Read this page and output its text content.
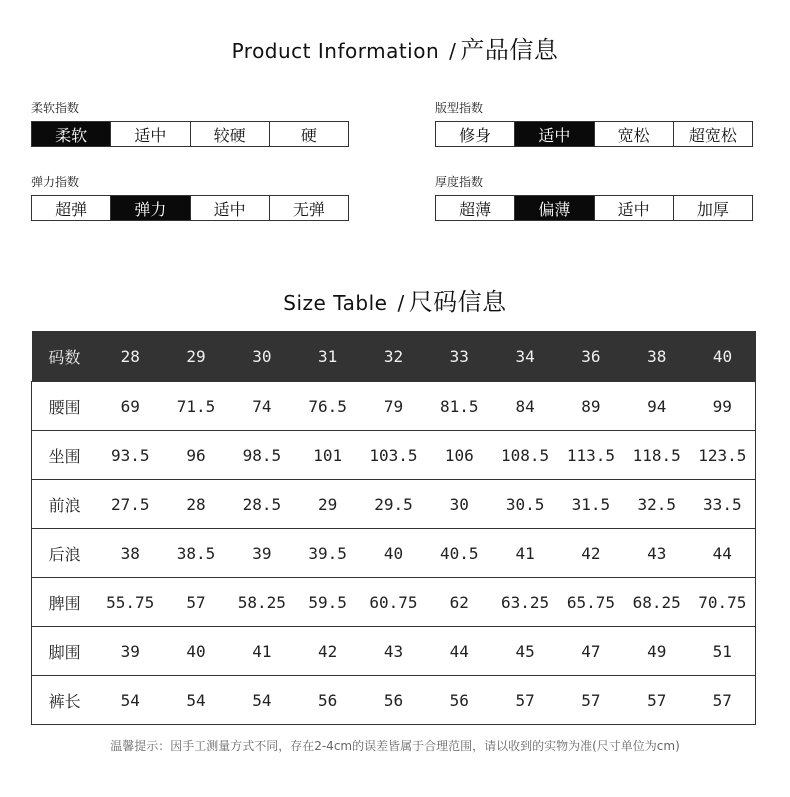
Product Information / 产品信息
柔软指数
柔软	适中	较硬	硬
版型指数
修身	适中	宽松	超宽松
弹力指数
超弹	弹力	适中	无弹
厚度指数
超薄	偏薄	适中	加厚
Size Table / 尺码信息
码数	28	29	30	31	32	33	34	36	38	40
腰围	69	71.5	74	76.5	79	81.5	84	89	94	99
坐围	93.5	96	98.5	101	103.5	106	108.5	113.5	118.5	123.5
前浪	27.5	28	28.5	29	29.5	30	30.5	31.5	32.5	33.5
后浪	38	38.5	39	39.5	40	40.5	41	42	43	44
脾围	55.75	57	58.25	59.5	60.75	62	63.25	65.75	68.25	70.75
脚围	39	40	41	42	43	44	45	47	49	51
裤长	54	54	54	56	56	56	57	57	57	57
温馨提示：因手工测量方式不同，存在2-4cm的误差皆属于合理范围，请以收到的实物为准(尺寸单位为cm)
